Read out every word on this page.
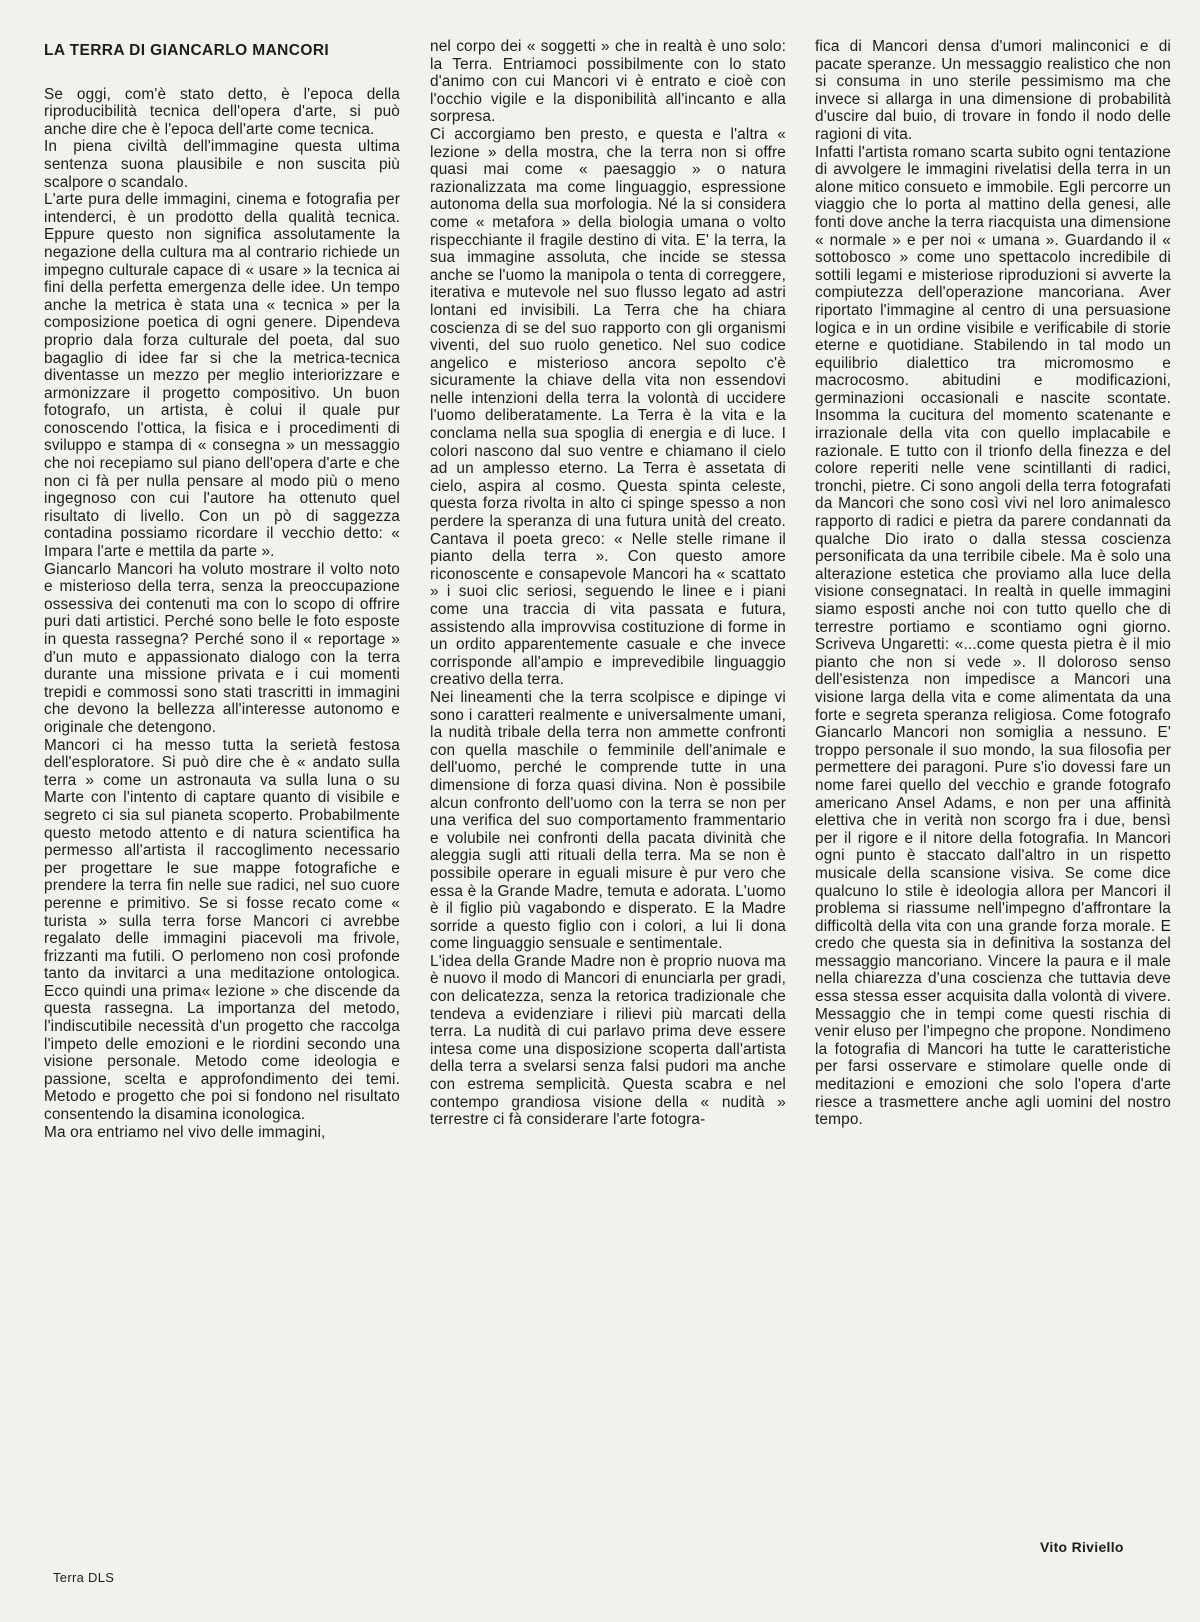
LA TERRA DI GIANCARLO MANCORI

Se oggi, com'è stato detto, è l'epoca della riproducibilità tecnica dell'opera d'arte, si può anche dire che è l'epoca dell'arte come tecnica.

In piena civiltà dell'immagine questa ultima sentenza suona plausibile e non suscita più scalpore o scandalo.

L'arte pura delle immagini, cinema e fotografia per intenderci, è un prodotto della qualità tecnica. Eppure questo non significa assolutamente la negazione della cultura ma al contrario richiede un impegno culturale capace di « usare » la tecnica ai fini della perfetta emergenza delle idee. Un tempo anche la metrica è stata una « tecnica » per la composizione poetica di ogni genere. Dipendeva proprio dala forza culturale del poeta, dal suo bagaglio di idee far si che la metrica-tecnica diventasse un mezzo per meglio interiorizzare e armonizzare il progetto compositivo. Un buon fotografo, un artista, è colui il quale pur conoscendo l'ottica, la fisica e i procedimenti di sviluppo e stampa di « consegna » un messaggio che noi recepiamo sul piano dell'opera d'arte e che non ci fà per nulla pensare al modo più o meno ingegnoso con cui l'autore ha ottenuto quel risultato di livello. Con un pò di saggezza contadina possiamo ricordare il vecchio detto: « Impara l'arte e mettila da parte ».

Giancarlo Mancori ha voluto mostrare il volto noto e misterioso della terra, senza la preoccupazione ossessiva dei contenuti ma con lo scopo di offrire puri dati artistici. Perché sono belle le foto esposte in questa rassegna? Perché sono il « reportage » d'un muto e appassionato dialogo con la terra durante una missione privata e i cui momenti trepidi e commossi sono stati trascritti in immagini che devono la bellezza all'interesse autonomo e originale che detengono.

Mancori ci ha messo tutta la serietà festosa dell'esploratore. Si può dire che è « andato sulla terra » come un astronauta va sulla luna o su Marte con l'intento di captare quanto di visibile e segreto ci sia sul pianeta scoperto. Probabilmente questo metodo attento e di natura scientifica ha permesso all'artista il raccoglimento necessario per progettare le sue mappe fotografiche e prendere la terra fin nelle sue radici, nel suo cuore perenne e primitivo. Se si fosse recato come « turista » sulla terra forse Mancori ci avrebbe regalato delle immagini piacevoli ma frivole, frizzanti ma futili. O perlomeno non così profonde tanto da invitarci a una meditazione ontologica. Ecco quindi una prima« lezione » che discende da questa rassegna. La importanza del metodo, l'indiscutibile necessità d'un progetto che raccolga l'impeto delle emozioni e le riordini secondo una visione personale. Metodo come ideologia e passione, scelta e approfondimento dei temi. Metodo e progetto che poi si fondono nel risultato consentendo la disamina iconologica.

Ma ora entriamo nel vivo delle immagini,

nel corpo dei « soggetti » che in realtà è uno solo: la Terra. Entriamoci possibilmente con lo stato d'animo con cui Mancori vi è entrato e cioè con l'occhio vigile e la disponibilità all'incanto e alla sorpresa.

Ci accorgiamo ben presto, e questa e l'altra « lezione » della mostra, che la terra non si offre quasi mai come « paesaggio » o natura razionalizzata ma come linguaggio, espressione autonoma della sua morfologia. Né la si considera come « metafora » della biologia umana o volto rispecchiante il fragile destino di vita. E' la terra, la sua immagine assoluta, che incide se stessa anche se l'uomo la manipola o tenta di correggere, iterativa e mutevole nel suo flusso legato ad astri lontani ed invisibili. La Terra che ha chiara coscienza di se del suo rapporto con gli organismi viventi, del suo ruolo genetico. Nel suo codice angelico e misterioso ancora sepolto c'è sicuramente la chiave della vita non essendovi nelle intenzioni della terra la volontà di uccidere l'uomo deliberatamente. La Terra è la vita e la conclama nella sua spoglia di energia e di luce. I colori nascono dal suo ventre e chiamano il cielo ad un amplesso eterno. La Terra è assetata di cielo, aspira al cosmo. Questa spinta celeste, questa forza rivolta in alto ci spinge spesso a non perdere la speranza di una futura unità del creato. Cantava il poeta greco: « Nelle stelle rimane il pianto della terra ». Con questo amore riconoscente e consapevole Mancori ha « scattato » i suoi clic seriosi, seguendo le linee e i piani come una traccia di vita passata e futura, assistendo alla improvvisa costituzione di forme in un ordito apparentemente casuale e che invece corrisponde all'ampio e imprevedibile linguaggio creativo della terra.

Nei lineamenti che la terra scolpisce e dipinge vi sono i caratteri realmente e universalmente umani, la nudità tribale della terra non ammette confronti con quella maschile o femminile dell'animale e dell'uomo, perché le comprende tutte in una dimensione di forza quasi divina. Non è possibile alcun confronto dell'uomo con la terra se non per una verifica del suo comportamento frammentario e volubile nei confronti della pacata divinità che aleggia sugli atti rituali della terra. Ma se non è possibile operare in eguali misure è pur vero che essa è la Grande Madre, temuta e adorata. L'uomo è il figlio più vagabondo e disperato. E la Madre sorride a questo figlio con i colori, a lui li dona come linguaggio sensuale e sentimentale.

L'idea della Grande Madre non è proprio nuova ma è nuovo il modo di Mancori di enunciarla per gradi, con delicatezza, senza la retorica tradizionale che tendeva a evidenziare i rilievi più marcati della terra. La nudità di cui parlavo prima deve essere intesa come una disposizione scoperta dall'artista della terra a svelarsi senza falsi pudori ma anche con estrema semplicità. Questa scabra e nel contempo grandiosa visione della « nudità » terrestre ci fà considerare l'arte fotogra-

fica di Mancori densa d'umori malinconici e di pacate speranze. Un messaggio realistico che non si consuma in uno sterile pessimismo ma che invece si allarga in una dimensione di probabilità d'uscire dal buio, di trovare in fondo il nodo delle ragioni di vita.

Infatti l'artista romano scarta subito ogni tentazione di avvolgere le immagini rivelatisi della terra in un alone mitico consueto e immobile. Egli percorre un viaggio che lo porta al mattino della genesi, alle fonti dove anche la terra riacquista una dimensione « normale » e per noi « umana ». Guardando il « sottobosco » come uno spettacolo incredibile di sottili legami e misteriose riproduzioni si avverte la compiutezza dell'operazione mancoriana. Aver riportato l'immagine al centro di una persuasione logica e in un ordine visibile e verificabile di storie eterne e quotidiane. Stabilendo in tal modo un equilibrio dialettico tra micromosmo e macrocosmo. abitudini e modificazioni, germinazioni occasionali e nascite scontate. Insomma la cucitura del momento scatenante e irrazionale della vita con quello implacabile e razionale. E tutto con il trionfo della finezza e del colore reperiti nelle vene scintillanti di radici, tronchi, pietre. Ci sono angoli della terra fotografati da Mancori che sono così vivi nel loro animalesco rapporto di radici e pietra da parere condannati da qualche Dio irato o dalla stessa coscienza personificata da una terribile cibele. Ma è solo una alterazione estetica che proviamo alla luce della visione consegnataci. In realtà in quelle immagini siamo esposti anche noi con tutto quello che di terrestre portiamo e scontiamo ogni giorno. Scriveva Ungaretti: «...come questa pietra è il mio pianto che non si vede ». Il doloroso senso dell'esistenza non impedisce a Mancori una visione larga della vita e come alimentata da una forte e segreta speranza religiosa. Come fotografo Giancarlo Mancori non somiglia a nessuno. E' troppo personale il suo mondo, la sua filosofia per permettere dei paragoni. Pure s'io dovessi fare un nome farei quello del vecchio e grande fotografo americano Ansel Adams, e non per una affinità elettiva che in verità non scorgo fra i due, bensì per il rigore e il nitore della fotografia. In Mancori ogni punto è staccato dall'altro in un rispetto musicale della scansione visiva. Se come dice qualcuno lo stile è ideologia allora per Mancori il problema si riassume nell'impegno d'affrontare la difficoltà della vita con una grande forza morale. E credo che questa sia in definitiva la sostanza del messaggio mancoriano. Vincere la paura e il male nella chiarezza d'una coscienza che tuttavia deve essa stessa esser acquisita dalla volontà di vivere. Messaggio che in tempi come questi rischia di venir eluso per l'impegno che propone. Nondimeno la fotografia di Mancori ha tutte le caratteristiche per farsi osservare e stimolare quelle onde di meditazioni e emozioni che solo l'opera d'arte riesce a trasmettere anche agli uomini del nostro tempo.

Vito Riviello
Terra DLS
